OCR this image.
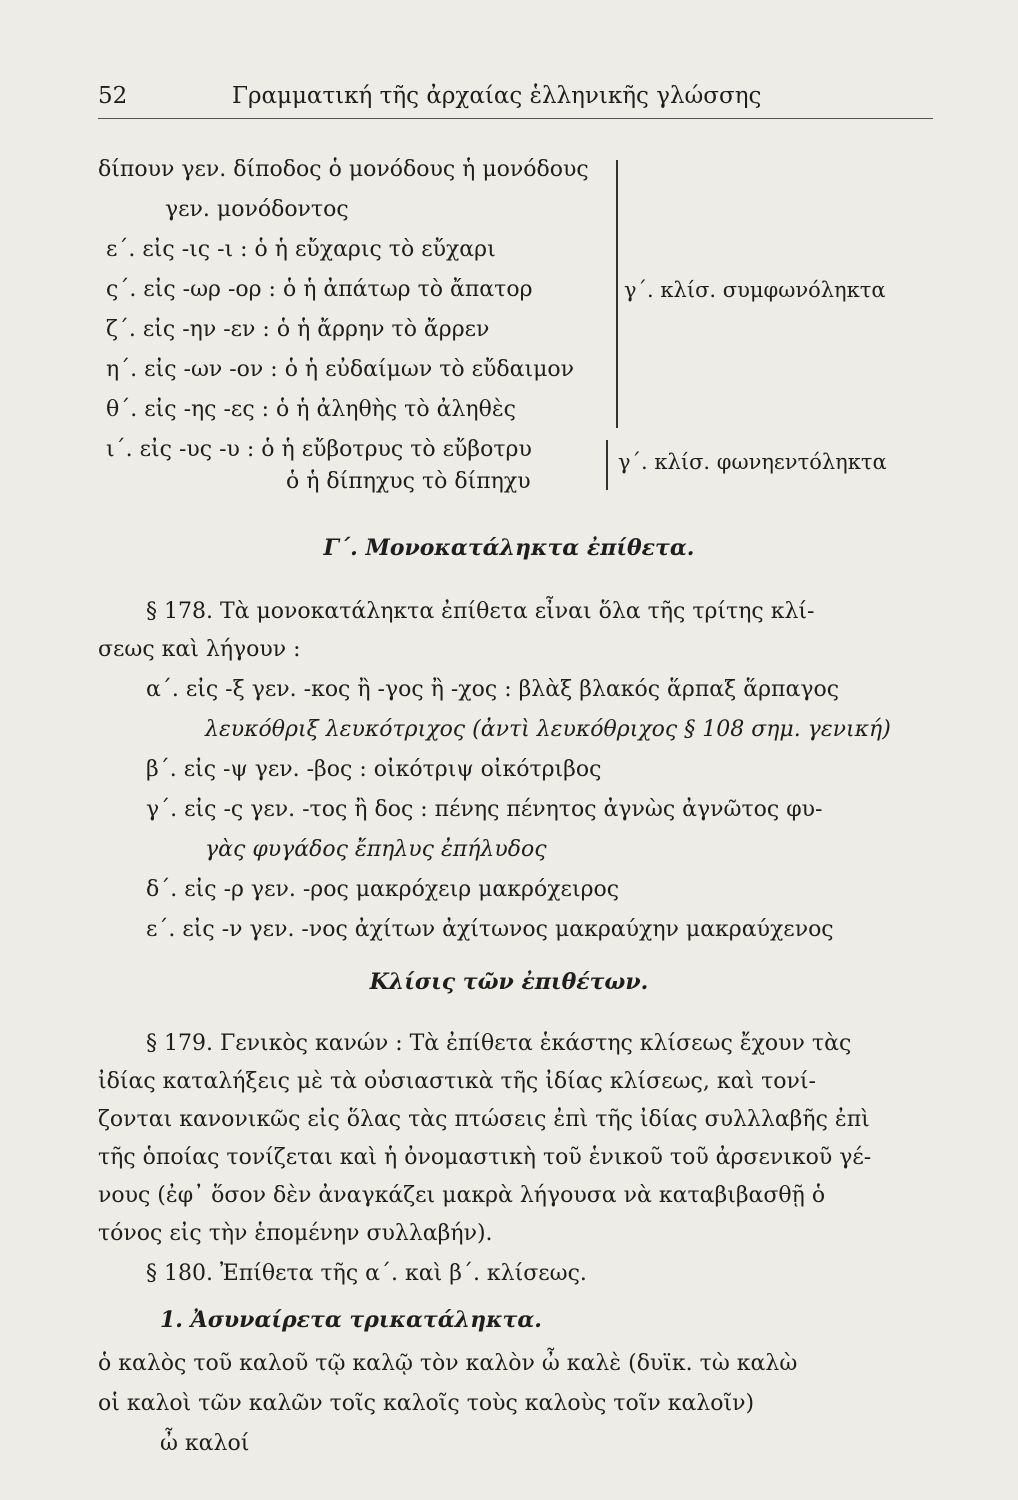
52	Γραμματική τῆς ἀρχαίας ἑλληνικῆς γλώσσης
δίπουν γεν. δίποδος ὁ μονόδους ἡ μονόδους
γεν. μονόδοντος
ε΄. εἰς -ις -ι : ὁ ἡ εὔχαρις τὸ εὔχαρι
ς΄. εἰς -ωρ -ορ : ὁ ἡ ἀπάτωρ τὸ ἄπατορ
ζ΄. εἰς -ην -εν : ὁ ἡ ἄρρην τὸ ἄρρεν
η΄. εἰς -ων -ον : ὁ ἡ εὐδαίμων τὸ εὔδαιμον
θ΄. εἰς -ης -ες : ὁ ἡ ἀληθὴς τὸ ἀληθὲς
ι΄. εἰς -υς -υ : ὁ ἡ εὔβοτρυς τὸ εὔβοτρυ
ὁ ἡ δίπηχυς τὸ δίπηχυ
γ΄. κλίσ. συμφωνόληκτα
γ΄. κλίσ. φωνηεντόληκτα
Γ΄. Μονοκατάληκτα ἐπίθετα.
§ 178. Τὰ μονοκατάληκτα ἐπίθετα εἶναι ὅλα τῆς τρίτης κλί-
σεως καὶ λήγουν :
α΄. εἰς -ξ γεν. -κος ἢ -γος ἢ -χος : βλὰξ βλακός ἅρπαξ ἅρπαγος
λευκόθριξ λευκότριχος (ἀντὶ λευκόθριχος § 108 σημ. γενική)
β΄. εἰς -ψ γεν. -βος : οἰκότριψ οἰκότριβος
γ΄. εἰς -ς γεν. -τος ἢ δος : πένης πένητος ἀγνὼς ἀγνῶτος φυ-
γὰς φυγάδος ἔπηλυς ἐπήλυδος
δ΄. εἰς -ρ γεν. -ρος μακρόχειρ μακρόχειρος
ε΄. εἰς -ν γεν. -νος ἀχίτων ἀχίτωνος μακραύχην μακραύχενος
Κλίσις τῶν ἐπιθέτων.
§ 179. Γενικὸς κανών : Τὰ ἐπίθετα ἑκάστης κλίσεως ἔχουν τὰς
ἰδίας καταλήξεις μὲ τὰ οὐσιαστικὰ τῆς ἰδίας κλίσεως, καὶ τονί-
ζονται κανονικῶς εἰς ὅλας τὰς πτώσεις ἐπὶ τῆς ἰδίας συλλλαβῆς ἐπὶ
τῆς ὁποίας τονίζεται καὶ ἡ ὀνομαστικὴ τοῦ ἑνικοῦ τοῦ ἀρσενικοῦ γέ-
νους (ἐφ᾽ ὅσον δὲν ἀναγκάζει μακρὰ λήγουσα νὰ καταβιβασθῇ ὁ
τόνος εἰς τὴν ἑπομένην συλλαβήν).
§ 180. Ἐπίθετα τῆς α΄. καὶ β΄. κλίσεως.
1. Ἀσυναίρετα τρικατάληκτα.
ὁ καλὸς τοῦ καλοῦ τῷ καλῷ τὸν καλὸν ὦ καλὲ (δυϊκ. τὼ καλὼ
οἱ καλοὶ τῶν καλῶν τοῖς καλοῖς τοὺς καλοὺς τοῖν καλοῖν)
ὦ καλοί
